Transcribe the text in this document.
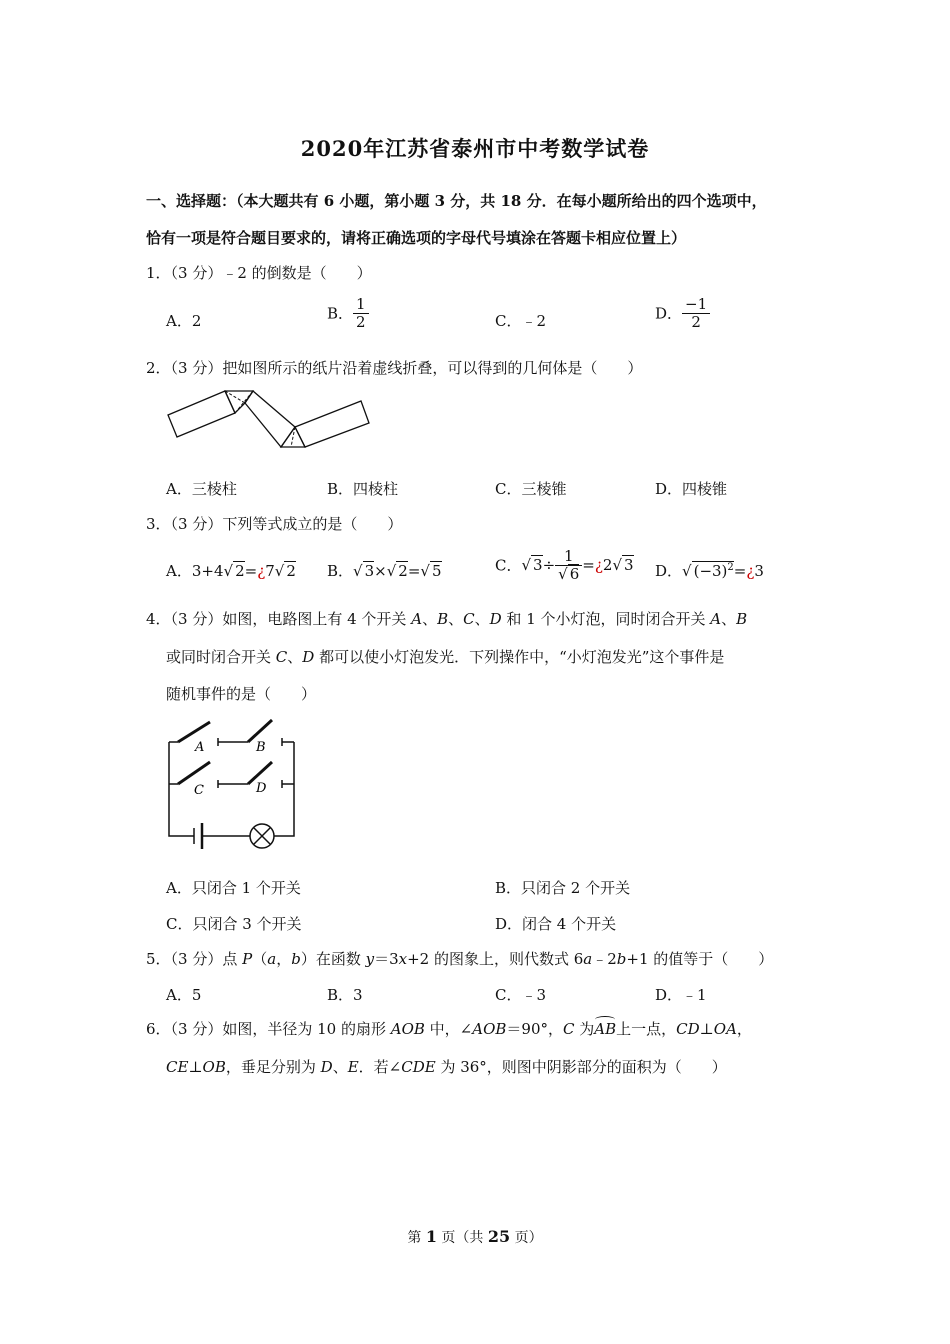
2020年江苏省泰州市中考数学试卷
一、选择题：（本大题共有 6 小题，第小题 3 分，共 18 分．在每小题所给出的四个选项中，
恰有一项是符合题目要求的，请将正确选项的字母代号填涂在答题卡相应位置上）
1．（3 分）﹣2 的倒数是（　　）
A．2	B． $\frac{1}{2}$	C．﹣2	D． $\frac{-1}{2}$
2．（3 分）把如图所示的纸片沿着虚线折叠，可以得到的几何体是（　　）
A．三棱柱	B．四棱柱	C．三棱锥	D．四棱锥
3．（3 分）下列等式成立的是（　　）
A．3+4√ 2=¿7√ 2 B．√ 3×√ 2=√ 5	C．√ $3\div \frac{1}{√ 6}$ =¿2√ 3 D．√ $(-3)^2=¿3$
4．（3 分）如图，电路图上有 4 个开关 A、B、C、D 和 1 个小灯泡，同时闭合开关 A、B
或同时闭合开关 C、D 都可以使小灯泡发光．下列操作中，“小灯泡发光”这个事件是
随机事件的是（　　）
A	B
C	D
A．只闭合 1 个开关	B．只闭合 2 个开关
C．只闭合 3 个开关	D．闭合 4 个开关
5．（3 分）点 P（a，b）在函数 y＝3x+2 的图象上，则代数式 6a﹣2b+1 的值等于（　　）
A．5	B．3	C．﹣3	D．﹣1
6．（3 分）如图，半径为 10 的扇形 AOB 中，∠AOB＝90°，C 为AB上一点，CD⊥OA，
CE⊥OB，垂足分别为 D、E．若∠CDE 为 36°，则图中阴影部分的面积为（　　）
第 1 页（共 25 页）
